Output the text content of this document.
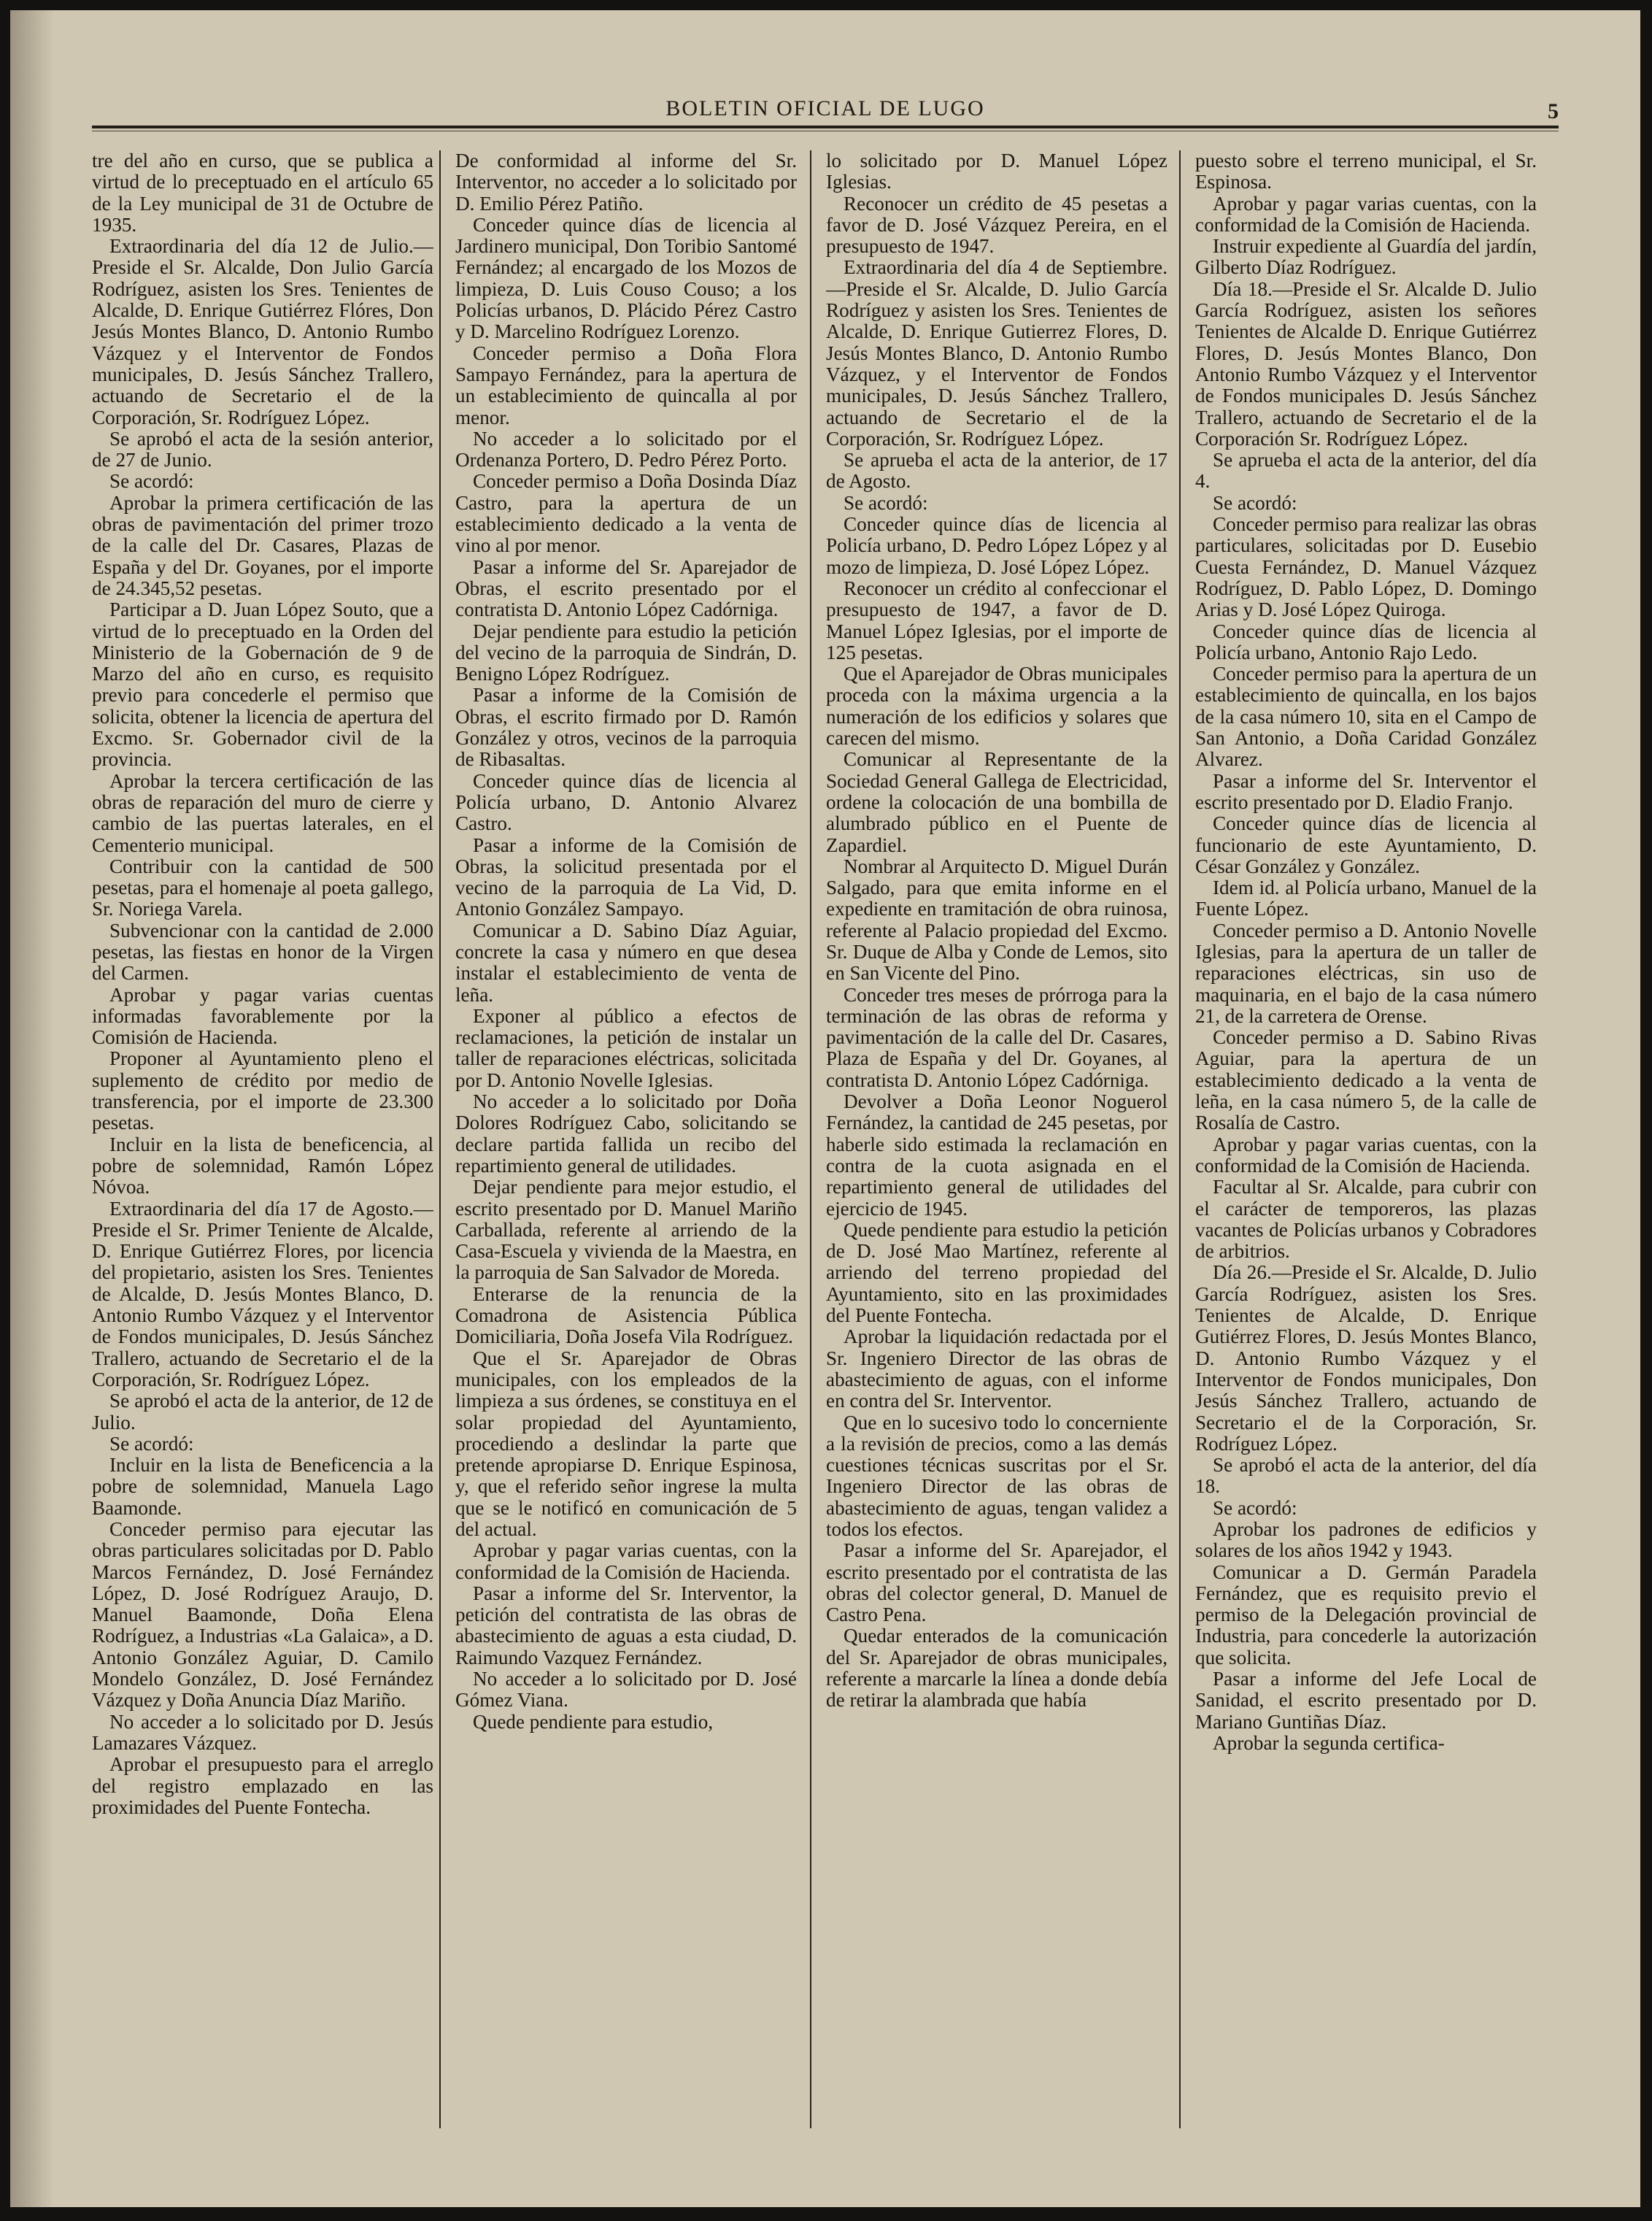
BOLETIN OFICIAL DE LUGO	5

tre del año en curso, que se publica a virtud de lo preceptuado en el artículo 65 de la Ley municipal de 31 de Octubre de 1935.

Extraordinaria del día 12 de Julio.—Preside el Sr. Alcalde, Don Julio García Rodríguez, asisten los Sres. Tenientes de Alcalde, D. Enrique Gutiérrez Flóres, Don Jesús Montes Blanco, D. Antonio Rumbo Vázquez y el Interventor de Fondos municipales, D. Jesús Sánchez Trallero, actuando de Secretario el de la Corporación, Sr. Rodríguez López.

Se aprobó el acta de la sesión anterior, de 27 de Junio.

Se acordó:

Aprobar la primera certificación de las obras de pavimentación del primer trozo de la calle del Dr. Casares, Plazas de España y del Dr. Goyanes, por el importe de 24.345,52 pesetas.

Participar a D. Juan López Souto, que a virtud de lo preceptuado en la Orden del Ministerio de la Gobernación de 9 de Marzo del año en curso, es requisito previo para concederle el permiso que solicita, obtener la licencia de apertura del Excmo. Sr. Gobernador civil de la provincia.

Aprobar la tercera certificación de las obras de reparación del muro de cierre y cambio de las puertas laterales, en el Cementerio municipal.

Contribuir con la cantidad de 500 pesetas, para el homenaje al poeta gallego, Sr. Noriega Varela.

Subvencionar con la cantidad de 2.000 pesetas, las fiestas en honor de la Virgen del Carmen.

Aprobar y pagar varias cuentas informadas favorablemente por la Comisión de Hacienda.

Proponer al Ayuntamiento pleno el suplemento de crédito por medio de transferencia, por el importe de 23.300 pesetas.

Incluir en la lista de beneficencia, al pobre de solemnidad, Ramón López Nóvoa.

Extraordinaria del día 17 de Agosto.—Preside el Sr. Primer Teniente de Alcalde, D. Enrique Gutiérrez Flores, por licencia del propietario, asisten los Sres. Tenientes de Alcalde, D. Jesús Montes Blanco, D. Antonio Rumbo Vázquez y el Interventor de Fondos municipales, D. Jesús Sánchez Trallero, actuando de Secretario el de la Corporación, Sr. Rodríguez López.

Se aprobó el acta de la anterior, de 12 de Julio.

Se acordó:

Incluir en la lista de Beneficencia a la pobre de solemnidad, Manuela Lago Baamonde.

Conceder permiso para ejecutar las obras particulares solicitadas por D. Pablo Marcos Fernández, D. José Fernández López, D. José Rodríguez Araujo, D. Manuel Baamonde, Doña Elena Rodríguez, a Industrias «La Galaica», a D. Antonio González Aguiar, D. Camilo Mondelo González, D. José Fernández Vázquez y Doña Anuncia Díaz Mariño.

No acceder a lo solicitado por D. Jesús Lamazares Vázquez.

Aprobar el presupuesto para el arreglo del registro emplazado en las proximidades del Puente Fontecha.

De conformidad al informe del Sr. Interventor, no acceder a lo solicitado por D. Emilio Pérez Patiño.

Conceder quince días de licencia al Jardinero municipal, Don Toribio Santomé Fernández; al encargado de los Mozos de limpieza, D. Luis Couso Couso; a los Policías urbanos, D. Plácido Pérez Castro y D. Marcelino Rodríguez Lorenzo.

Conceder permiso a Doña Flora Sampayo Fernández, para la apertura de un establecimiento de quincalla al por menor.

No acceder a lo solicitado por el Ordenanza Portero, D. Pedro Pérez Porto.

Conceder permiso a Doña Dosinda Díaz Castro, para la apertura de un establecimiento dedicado a la venta de vino al por menor.

Pasar a informe del Sr. Aparejador de Obras, el escrito presentado por el contratista D. Antonio López Cadórniga.

Dejar pendiente para estudio la petición del vecino de la parroquia de Sindrán, D. Benigno López Rodríguez.

Pasar a informe de la Comisión de Obras, el escrito firmado por D. Ramón González y otros, vecinos de la parroquia de Ribasaltas.

Conceder quince días de licencia al Policía urbano, D. Antonio Alvarez Castro.

Pasar a informe de la Comisión de Obras, la solicitud presentada por el vecino de la parroquia de La Vid, D. Antonio González Sampayo.

Comunicar a D. Sabino Díaz Aguiar, concrete la casa y número en que desea instalar el establecimiento de venta de leña.

Exponer al público a efectos de reclamaciones, la petición de instalar un taller de reparaciones eléctricas, solicitada por D. Antonio Novelle Iglesias.

No acceder a lo solicitado por Doña Dolores Rodríguez Cabo, solicitando se declare partida fallida un recibo del repartimiento general de utilidades.

Dejar pendiente para mejor estudio, el escrito presentado por D. Manuel Mariño Carballada, referente al arriendo de la Casa-Escuela y vivienda de la Maestra, en la parroquia de San Salvador de Moreda.

Enterarse de la renuncia de la Comadrona de Asistencia Pública Domiciliaria, Doña Josefa Vila Rodríguez.

Que el Sr. Aparejador de Obras municipales, con los empleados de la limpieza a sus órdenes, se constituya en el solar propiedad del Ayuntamiento, procediendo a deslindar la parte que pretende apropiarse D. Enrique Espinosa, y, que el referido señor ingrese la multa que se le notificó en comunicación de 5 del actual.

Aprobar y pagar varias cuentas, con la conformidad de la Comisión de Hacienda.

Pasar a informe del Sr. Interventor, la petición del contratista de las obras de abastecimiento de aguas a esta ciudad, D. Raimundo Vazquez Fernández.

No acceder a lo solicitado por D. José Gómez Viana.

Quede pendiente para estudio,

lo solicitado por D. Manuel López Iglesias.

Reconocer un crédito de 45 pesetas a favor de D. José Vázquez Pereira, en el presupuesto de 1947.

Extraordinaria del día 4 de Septiembre.—Preside el Sr. Alcalde, D. Julio García Rodríguez y asisten los Sres. Tenientes de Alcalde, D. Enrique Gutierrez Flores, D. Jesús Montes Blanco, D. Antonio Rumbo Vázquez, y el Interventor de Fondos municipales, D. Jesús Sánchez Trallero, actuando de Secretario el de la Corporación, Sr. Rodríguez López.

Se aprueba el acta de la anterior, de 17 de Agosto.

Se acordó:

Conceder quince días de licencia al Policía urbano, D. Pedro López López y al mozo de limpieza, D. José López López.

Reconocer un crédito al confeccionar el presupuesto de 1947, a favor de D. Manuel López Iglesias, por el importe de 125 pesetas.

Que el Aparejador de Obras municipales proceda con la máxima urgencia a la numeración de los edificios y solares que carecen del mismo.

Comunicar al Representante de la Sociedad General Gallega de Electricidad, ordene la colocación de una bombilla de alumbrado público en el Puente de Zapardiel.

Nombrar al Arquitecto D. Miguel Durán Salgado, para que emita informe en el expediente en tramitación de obra ruinosa, referente al Palacio propiedad del Excmo. Sr. Duque de Alba y Conde de Lemos, sito en San Vicente del Pino.

Conceder tres meses de prórroga para la terminación de las obras de reforma y pavimentación de la calle del Dr. Casares, Plaza de España y del Dr. Goyanes, al contratista D. Antonio López Cadórniga.

Devolver a Doña Leonor Noguerol Fernández, la cantidad de 245 pesetas, por haberle sido estimada la reclamación en contra de la cuota asignada en el repartimiento general de utilidades del ejercicio de 1945.

Quede pendiente para estudio la petición de D. José Mao Martínez, referente al arriendo del terreno propiedad del Ayuntamiento, sito en las proximidades del Puente Fontecha.

Aprobar la liquidación redactada por el Sr. Ingeniero Director de las obras de abastecimiento de aguas, con el informe en contra del Sr. Interventor.

Que en lo sucesivo todo lo concerniente a la revisión de precios, como a las demás cuestiones técnicas suscritas por el Sr. Ingeniero Director de las obras de abastecimiento de aguas, tengan validez a todos los efectos.

Pasar a informe del Sr. Aparejador, el escrito presentado por el contratista de las obras del colector general, D. Manuel de Castro Pena.

Quedar enterados de la comunicación del Sr. Aparejador de obras municipales, referente a marcarle la línea a donde debía de retirar la alambrada que había

puesto sobre el terreno municipal, el Sr. Espinosa.

Aprobar y pagar varias cuentas, con la conformidad de la Comisión de Hacienda.

Instruir expediente al Guardía del jardín, Gilberto Díaz Rodríguez.

Día 18.—Preside el Sr. Alcalde D. Julio García Rodríguez, asisten los señores Tenientes de Alcalde D. Enrique Gutiérrez Flores, D. Jesús Montes Blanco, Don Antonio Rumbo Vázquez y el Interventor de Fondos municipales D. Jesús Sánchez Trallero, actuando de Secretario el de la Corporación Sr. Rodríguez López.

Se aprueba el acta de la anterior, del día 4.

Se acordó:

Conceder permiso para realizar las obras particulares, solicitadas por D. Eusebio Cuesta Fernández, D. Manuel Vázquez Rodríguez, D. Pablo López, D. Domingo Arias y D. José López Quiroga.

Conceder quince días de licencia al Policía urbano, Antonio Rajo Ledo.

Conceder permiso para la apertura de un establecimiento de quincalla, en los bajos de la casa número 10, sita en el Campo de San Antonio, a Doña Caridad González Alvarez.

Pasar a informe del Sr. Interventor el escrito presentado por D. Eladio Franjo.

Conceder quince días de licencia al funcionario de este Ayuntamiento, D. César González y González.

Idem id. al Policía urbano, Manuel de la Fuente López.

Conceder permiso a D. Antonio Novelle Iglesias, para la apertura de un taller de reparaciones eléctricas, sin uso de maquinaria, en el bajo de la casa número 21, de la carretera de Orense.

Conceder permiso a D. Sabino Rivas Aguiar, para la apertura de un establecimiento dedicado a la venta de leña, en la casa número 5, de la calle de Rosalía de Castro.

Aprobar y pagar varias cuentas, con la conformidad de la Comisión de Hacienda.

Facultar al Sr. Alcalde, para cubrir con el carácter de temporeros, las plazas vacantes de Policías urbanos y Cobradores de arbitrios.

Día 26.—Preside el Sr. Alcalde, D. Julio García Rodríguez, asisten los Sres. Tenientes de Alcalde, D. Enrique Gutiérrez Flores, D. Jesús Montes Blanco, D. Antonio Rumbo Vázquez y el Interventor de Fondos municipales, Don Jesús Sánchez Trallero, actuando de Secretario el de la Corporación, Sr. Rodríguez López.

Se aprobó el acta de la anterior, del día 18.

Se acordó:

Aprobar los padrones de edificios y solares de los años 1942 y 1943.

Comunicar a D. Germán Paradela Fernández, que es requisito previo el permiso de la Delegación provincial de Industria, para concederle la autorización que solicita.

Pasar a informe del Jefe Local de Sanidad, el escrito presentado por D. Mariano Guntiñas Díaz.

Aprobar la segunda certifica-
